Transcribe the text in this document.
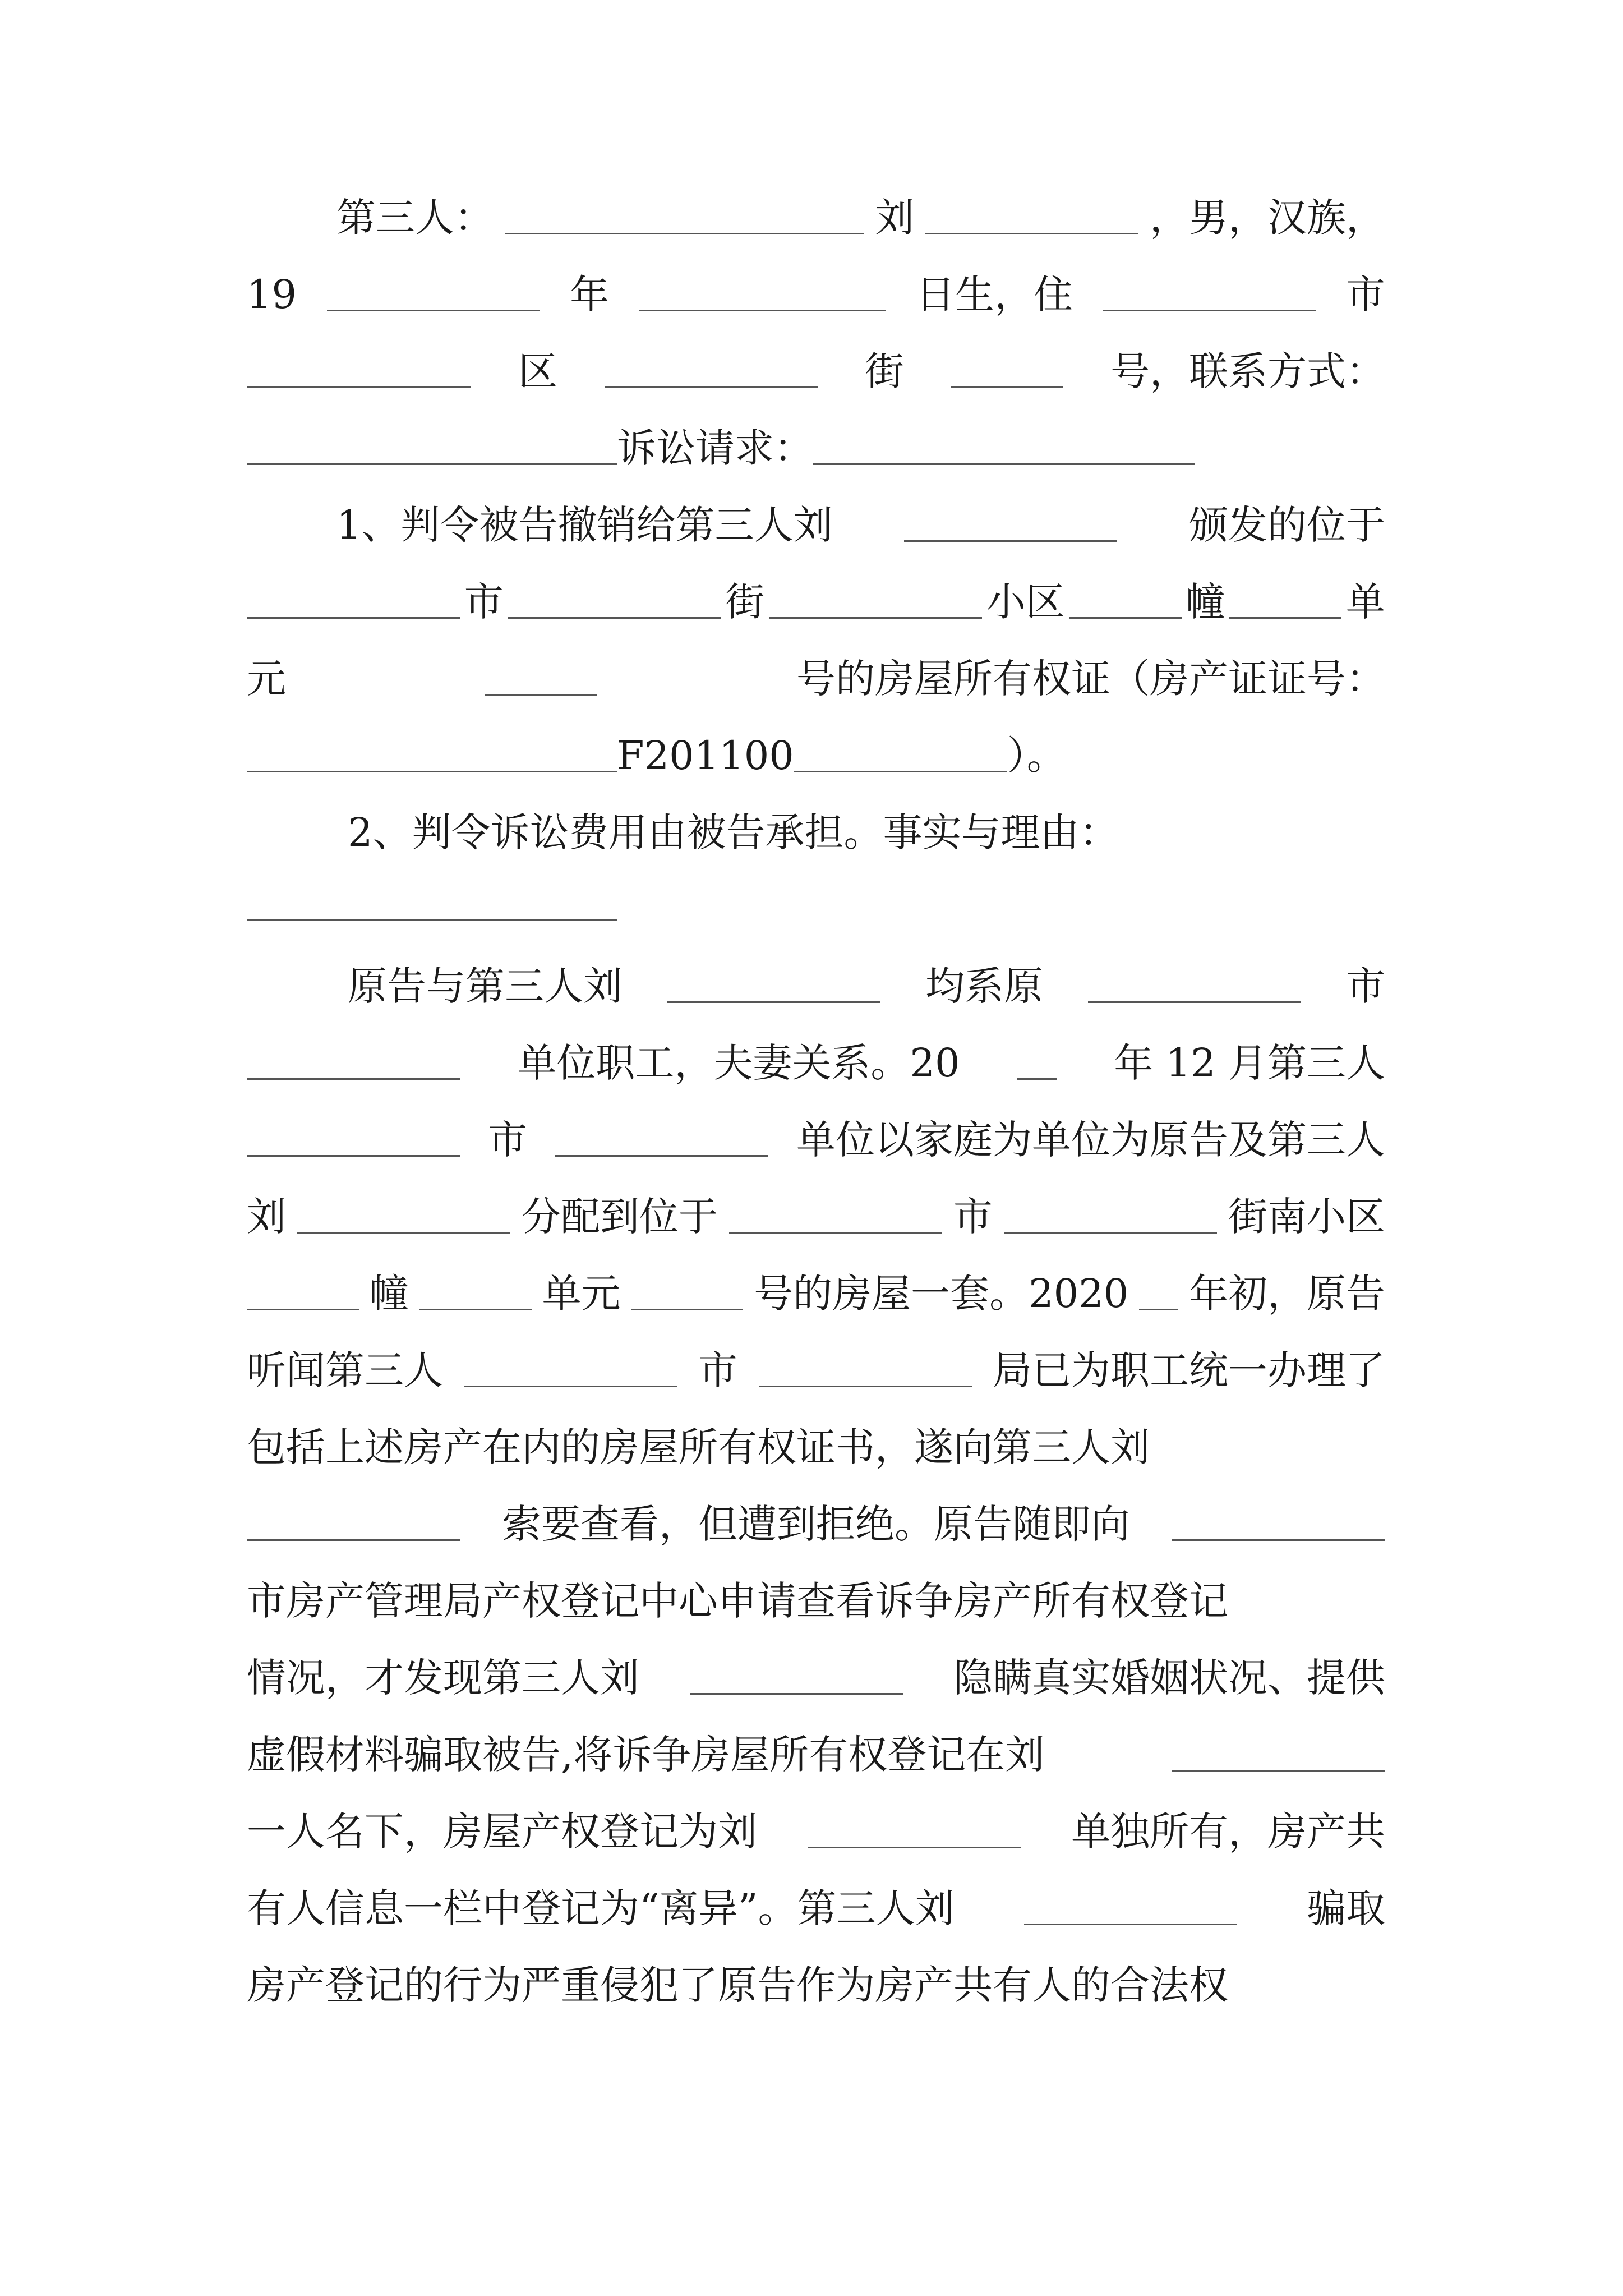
第三人：	刘	，男，汉族，
19	年	日生，住	市
区	街	号，联系方式：
诉讼请求：
1、判令被告撤销给第三人刘	颁发的位于
市	街	小区	幢	单
元	号的房屋所有权证（房产证证号：
F201100	）。
2、判令诉讼费用由被告承担。事实与理由：
原告与第三人刘	均系原	市
单位职工，夫妻关系。20	年 12 月第三人
市	单位以家庭为单位为原告及第三人
刘	分配到位于	市	街南小区
幢	单元	号的房屋一套。2020 年初，原告
听闻第三人	市	局已为职工统一办理了
包括上述房产在内的房屋所有权证书，遂向第三人刘
索要查看，但遭到拒绝。原告随即向
市房产管理局产权登记中心申请查看诉争房产所有权登记
情况，才发现第三人刘	隐瞒真实婚姻状况、提供
虚假材料骗取被告,将诉争房屋所有权登记在刘
一人名下，房屋产权登记为刘	单独所有，房产共
有人信息一栏中登记为“离异”。第三人刘	骗取
房产登记的行为严重侵犯了原告作为房产共有人的合法权
